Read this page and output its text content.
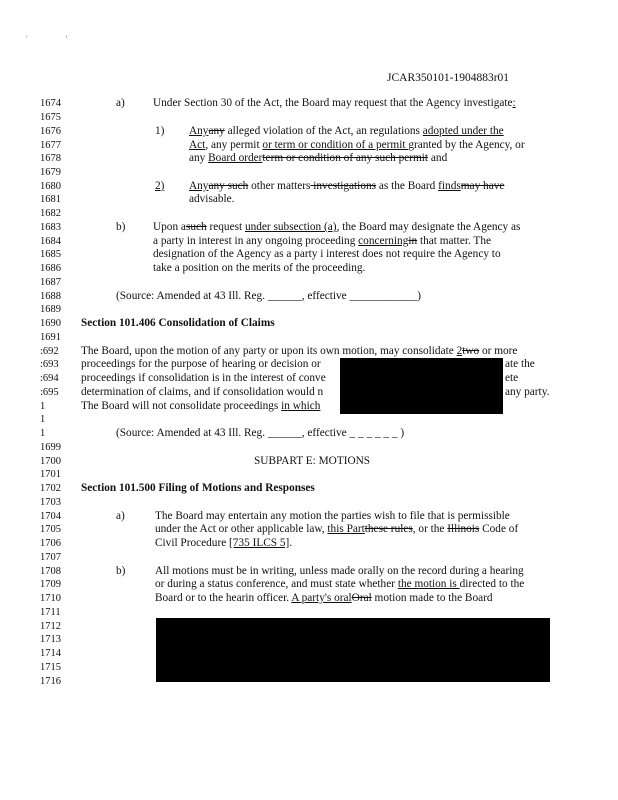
' '
JCAR350101-1904883r01
1674
1675
1676
1677
1678
1679
1680
1681
1682
1683
1684
1685
1686
1687
1688
1689
1690
1691
:692
:693
:694
:695
1
1
1
1699
1700
1701
1702
1703
1704
1705
1706
1707
1708
1709
1710
1711
1712
1713
1714
1715
1716
a) Under Section 30 of the Act, the Board may request that the Agency investigate:
1) Anyany alleged violation of the Act, an regulations adopted under the
Act, any permit or term or condition of a permit granted by the Agency, or
any Board orderterm or condition of any such permit and
2) Anyany such other matters investigations as the Board findsmay have
advisable.
b) Upon asuch request under subsection (a), the Board may designate the Agency as
a party in interest in any ongoing proceeding concerningin that matter. The
designation of the Agency as a party i interest does not require the Agency to
take a position on the merits of the proceeding.
(Source: Amended at 43 Ill. Reg. ______, effective ____________)
Section 101.406 Consolidation of Claims
The Board, upon the motion of any party or upon its own motion, may consolidate 2two or more
proceedings for the purpose of hearing or decision or	ate the
proceedings if consolidation is in the interest of conve	ete
determination of claims, and if consolidation would n	any party.
The Board will not consolidate proceedings in which
(Source: Amended at 43 Ill. Reg. ______, effective _ _ _ _ _ _ )
SUBPART E: MOTIONS
Section 101.500 Filing of Motions and Responses
a)	The Board may entertain any motion the parties wish to file that is permissible
under the Act or other applicable law, this Partthese rules, or the Illinois Code of
Civil Procedure [735 ILCS 5].
b)	All motions must be in writing, unless made orally on the record during a hearing
or during a status conference, and must state whether the motion is directed to the
Board or to the hearin officer. A party's oralOral motion made to the Board
